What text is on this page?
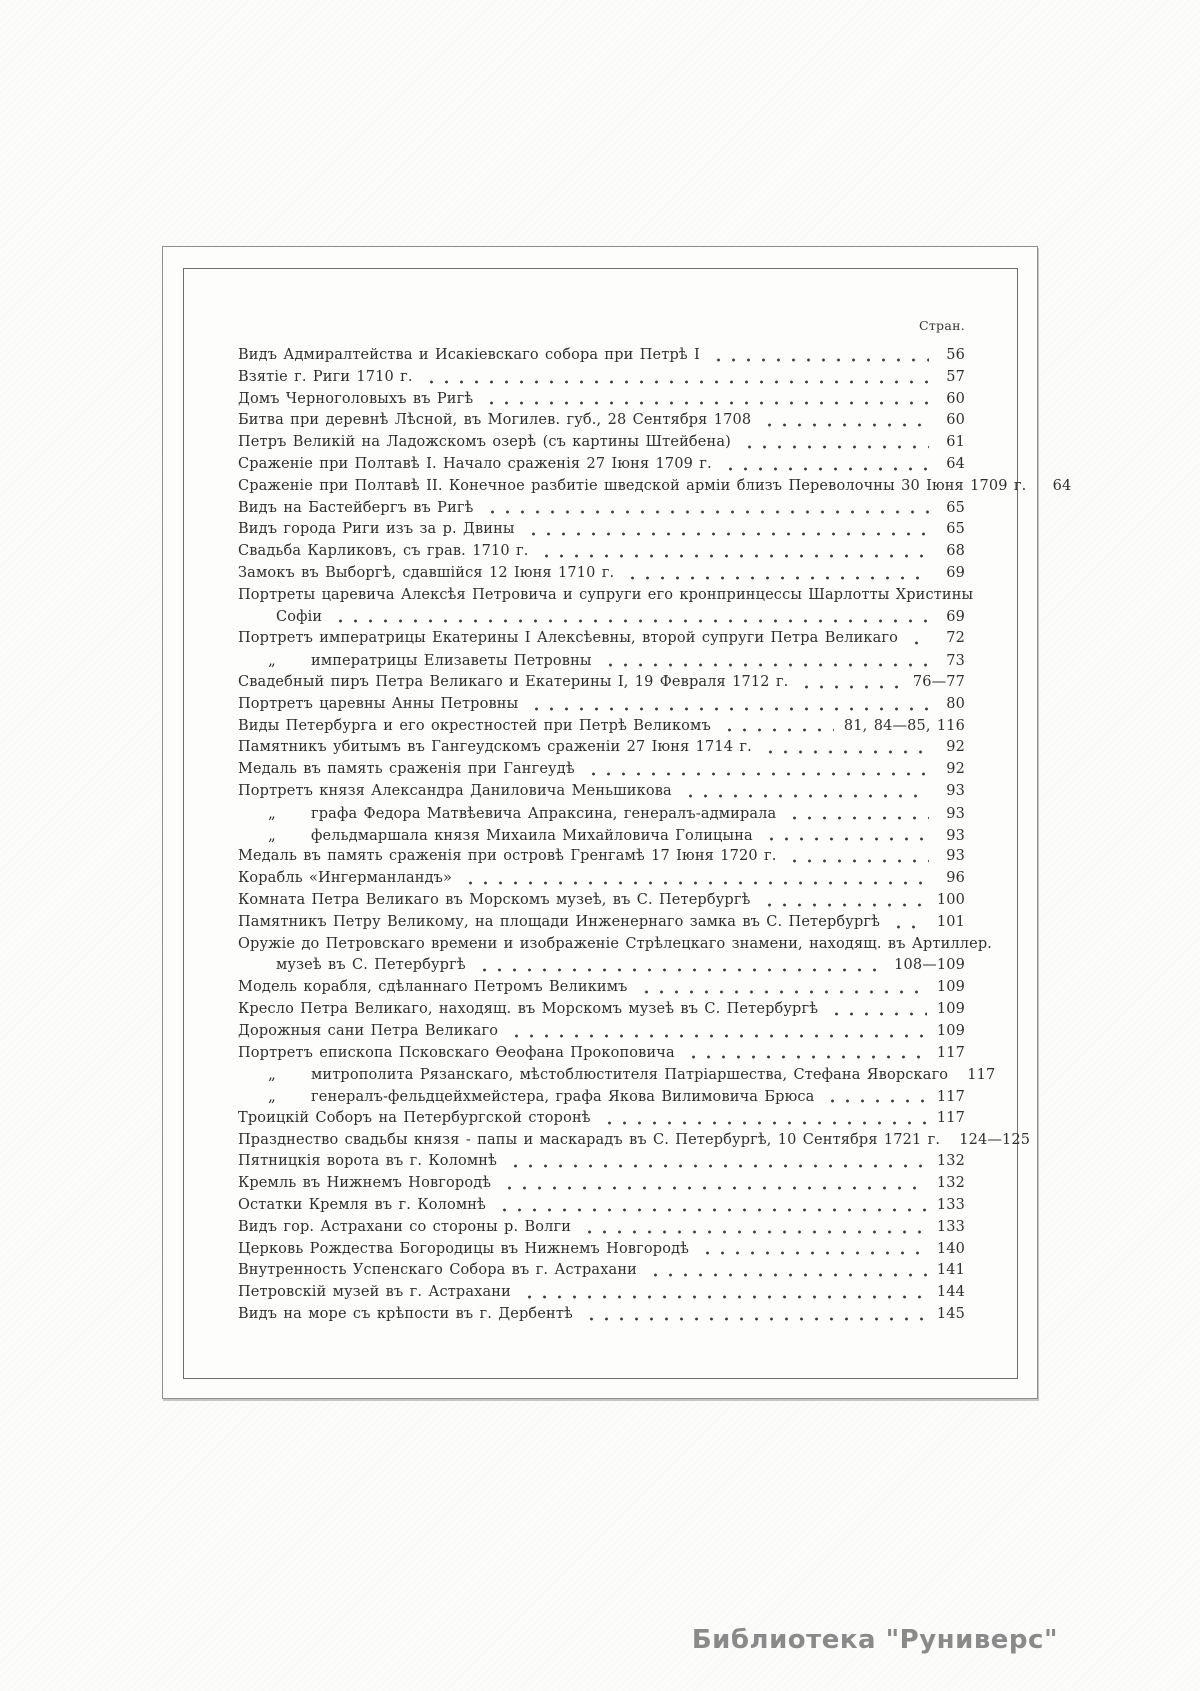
Стран.
Видъ Адмиралтейства и Исакіевскаго собора при Петрѣ I	56
Взятіе г. Риги 1710 г.	57
Домъ Черноголовыхъ въ Ригѣ	60
Битва при деревнѣ Лѣсной, въ Могилев. губ., 28 Сентября 1708	60
Петръ Великій на Ладожскомъ озерѣ (съ картины Штейбена)	61
Сраженіе при Полтавѣ I. Начало сраженія 27 Іюня 1709 г.	64
Сраженіе при Полтавѣ II. Конечное разбитіе шведской арміи близъ Переволочны 30 Іюня 1709 г.	64
Видъ на Бастейбергъ въ Ригѣ	65
Видъ города Риги изъ за р. Двины	65
Свадьба Карликовъ, съ грав. 1710 г.	68
Замокъ въ Выборгѣ, сдавшійся 12 Іюня 1710 г.	69
Портреты царевича Алексѣя Петровича и супруги его кронпринцессы Шарлотты Христины
Софіи	69
Портретъ императрицы Екатерины I Алексѣевны, второй супруги Петра Великаго	72
„	императрицы Елизаветы Петровны	73
Свадебный пиръ Петра Великаго и Екатерины I, 19 Февраля 1712 г.	76—77
Портретъ царевны Анны Петровны	80
Виды Петербурга и его окрестностей при Петрѣ Великомъ	81, 84—85, 116
Памятникъ убитымъ въ Гангеудскомъ сраженіи 27 Іюня 1714 г.	92
Медаль въ память сраженія при Гангеудѣ	92
Портретъ князя Александра Даниловича Меньшикова	93
„	графа Федора Матвѣевича Апраксина, генералъ-адмирала	93
„	фельдмаршала князя Михаила Михайловича Голицына	93
Медаль въ память сраженія при островѣ Гренгамѣ 17 Іюня 1720 г.	93
Корабль «Ингерманландъ»	96
Комната Петра Великаго въ Морскомъ музеѣ, въ С. Петербургѣ	100
Памятникъ Петру Великому, на площади Инженернаго замка въ С. Петербургѣ	101
Оружіе до Петровскаго времени и изображеніе Стрѣлецкаго знамени, находящ. въ Артиллер.
музеѣ въ С. Петербургѣ	108—109
Модель корабля, сдѣланнаго Петромъ Великимъ	109
Кресло Петра Великаго, находящ. въ Морскомъ музеѣ въ С. Петербургѣ	109
Дорожныя сани Петра Великаго	109
Портретъ епископа Псковскаго Ѳеофана Прокоповича	117
„	митрополита Рязанскаго, мѣстоблюстителя Патріаршества, Стефана Яворскаго 117
„	генералъ-фельдцейхмейстера, графа Якова Вилимовича Брюса	117
Троицкій Соборъ на Петербургской сторонѣ	117
Празднество свадьбы князя - папы и маскарадъ въ С. Петербургѣ, 10 Сентября 1721 г. 124—125
Пятницкія ворота въ г. Коломнѣ	132
Кремль въ Нижнемъ Новгородѣ	132
Остатки Кремля въ г. Коломнѣ	133
Видъ гор. Астрахани со стороны р. Волги	133
Церковь Рождества Богородицы въ Нижнемъ Новгородѣ	140
Внутренность Успенскаго Собора въ г. Астрахани	141
Петровскій музей въ г. Астрахани	144
Видъ на море съ крѣпости въ г. Дербентѣ	145
Библиотека "Руниверс"
